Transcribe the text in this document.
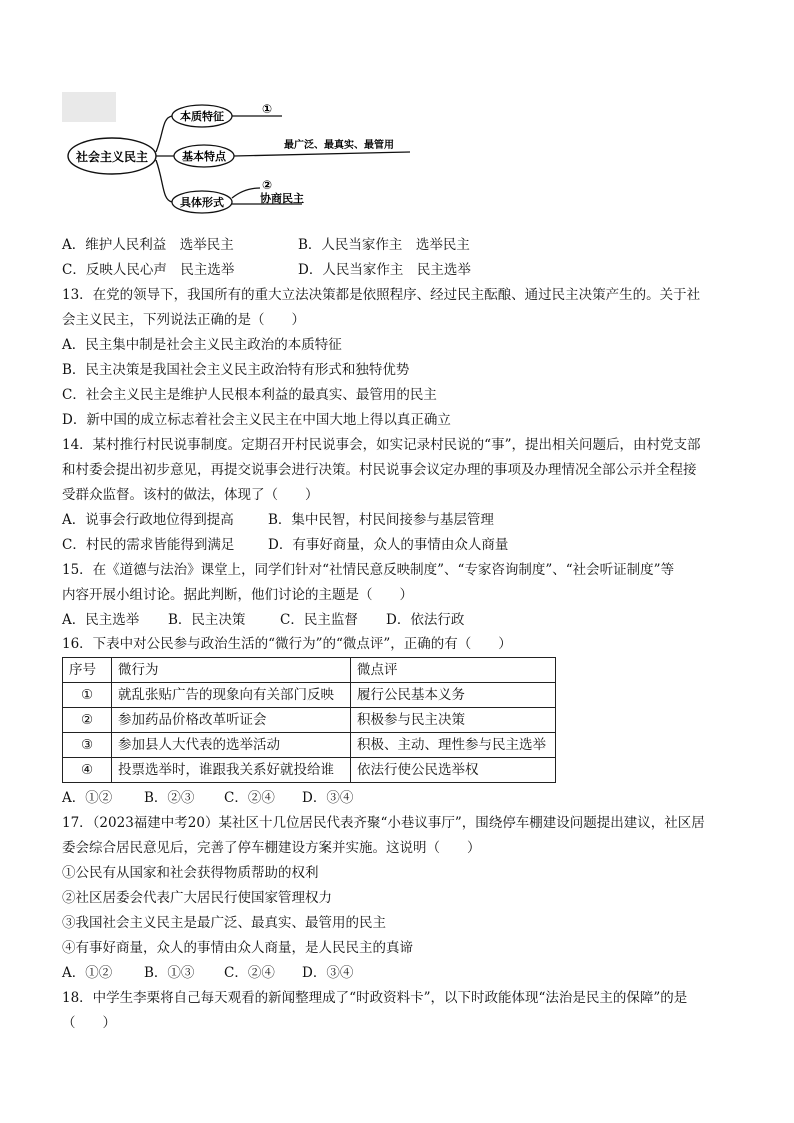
社会主义民主
本质特征
①
基本特点
最广泛、最真实、最管用
具体形式
②
协商民主
A．维护人民利益　选举民主	B．人民当家作主　选举民主
C．反映人民心声　民主选举	D．人民当家作主　民主选举
13．在党的领导下，我国所有的重大立法决策都是依照程序、经过民主酝酿、通过民主决策产生的。关于社
会主义民主，下列说法正确的是（　　）
A．民主集中制是社会主义民主政治的本质特征
B．民主决策是我国社会主义民主政治特有形式和独特优势
C．社会主义民主是维护人民根本利益的最真实、最管用的民主
D．新中国的成立标志着社会主义民主在中国大地上得以真正确立
14．某村推行村民说事制度。定期召开村民说事会，如实记录村民说的“事”，提出相关问题后，由村党支部
和村委会提出初步意见，再提交说事会进行决策。村民说事会议定办理的事项及办理情况全部公示并全程接
受群众监督。该村的做法，体现了（　　）
A．说事会行政地位得到提高	B．集中民智，村民间接参与基层管理
C．村民的需求皆能得到满足 D．有事好商量，众人的事情由众人商量
15．在《道德与法治》课堂上，同学们针对“社情民意反映制度”、“专家咨询制度”、“社会听证制度”等
内容开展小组讨论。据此判断，他们讨论的主题是（　　）
A．民主选举 B．民主决策	C．民主监督 D．依法行政
16．下表中对公民参与政治生活的“微行为”的“微点评”，正确的有（　　）
序号	微行为	微点评
①	就乱张贴广告的现象向有关部门反映	履行公民基本义务
②	参加药品价格改革听证会	积极参与民主决策
③	参加县人大代表的选举活动	积极、主动、理性参与民主选举
④	投票选举时，谁跟我关系好就投给谁	依法行使公民选举权
A．①② B．②③ C．②④ D．③④
17．（2023福建中考20）某社区十几位居民代表齐聚“小巷议事厅”，围绕停车棚建设问题提出建议，社区居
委会综合居民意见后，完善了停车棚建设方案并实施。这说明（　　）
①公民有从国家和社会获得物质帮助的权利
②社区居委会代表广大居民行使国家管理权力
③我国社会主义民主是最广泛、最真实、最管用的民主
④有事好商量，众人的事情由众人商量，是人民民主的真谛
A．①② B．①③ C．②④ D．③④
18．中学生李栗将自己每天观看的新闻整理成了“时政资料卡”，以下时政能体现“法治是民主的保障”的是
（　　）
